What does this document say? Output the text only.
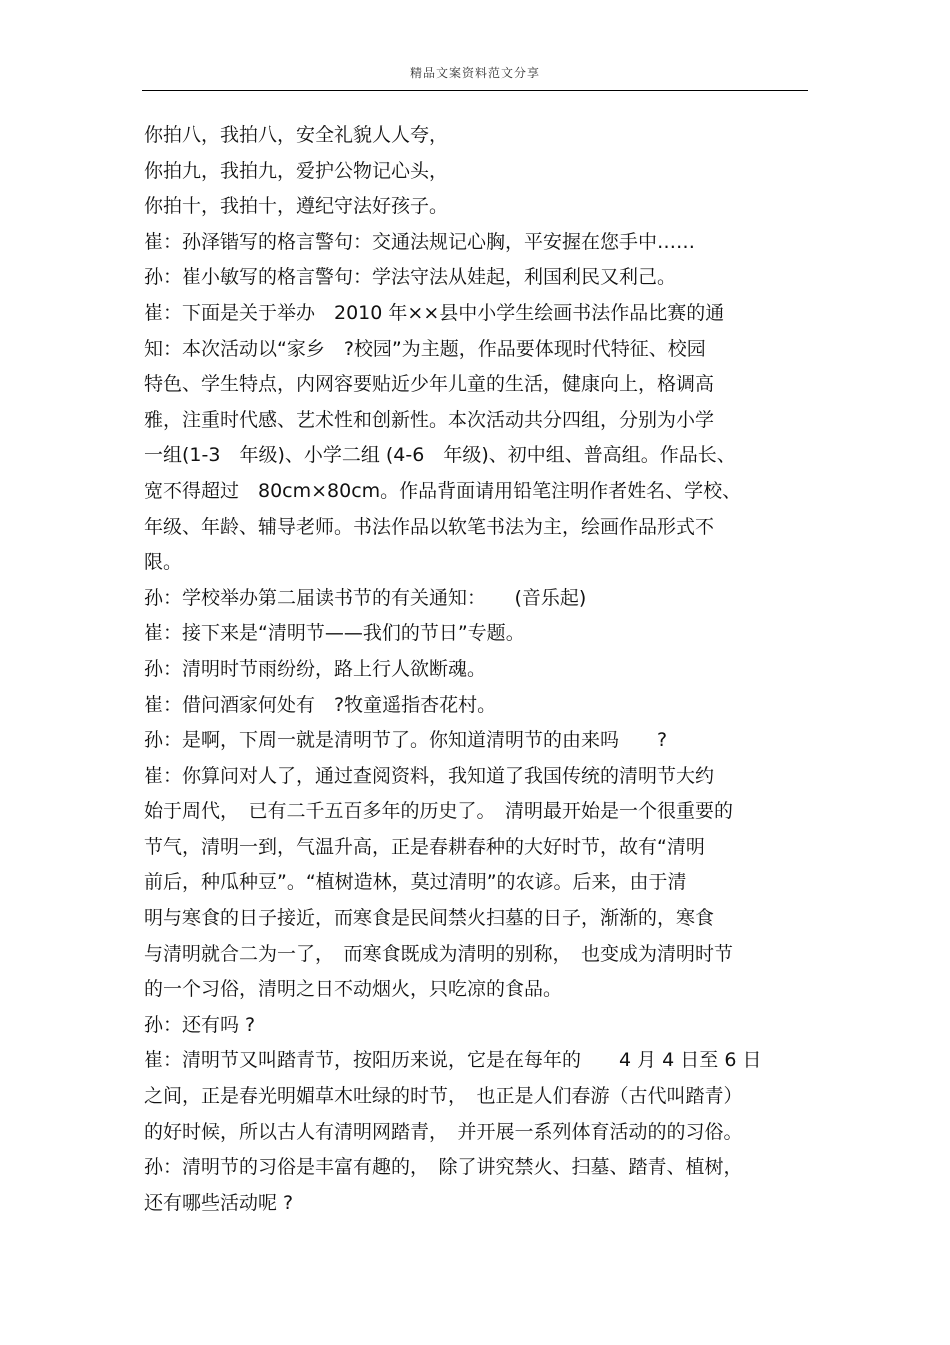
精品文案资料范文分享
你拍八，我拍八，安全礼貌人人夸，
你拍九，我拍九，爱护公物记心头，
你拍十，我拍十，遵纪守法好孩子。
崔：孙泽锴写的格言警句：交通法规记心胸，平安握在您手中……
孙：崔小敏写的格言警句：学法守法从娃起，利国利民又利己。
崔：下面是关于举办　2010 年××县中小学生绘画书法作品比赛的通
知：本次活动以“家乡　?校园”为主题，作品要体现时代特征、校园
特色、学生特点，内网容要贴近少年儿童的生活，健康向上，格调高
雅，注重时代感、艺术性和创新性。本次活动共分四组，分别为小学
一组(1-3　年级)、小学二组 (4-6　年级)、初中组、普高组。作品长、
宽不得超过　80cm×80cm。作品背面请用铅笔注明作者姓名、学校、
年级、年龄、辅导老师。书法作品以软笔书法为主，绘画作品形式不
限。
孙：学校举办第二届读书节的有关通知：　　(音乐起)
崔：接下来是“清明节——我们的节日”专题。
孙：清明时节雨纷纷，路上行人欲断魂。
崔：借问酒家何处有　?牧童遥指杏花村。
孙：是啊，下周一就是清明节了。你知道清明节的由来吗　　?
崔：你算问对人了，通过查阅资料，我知道了我国传统的清明节大约
始于周代，　已有二千五百多年的历史了。　清明最开始是一个很重要的
节气，清明一到，气温升高，正是春耕春种的大好时节，故有“清明
前后，种瓜种豆”。“植树造林，莫过清明”的农谚。后来，由于清
明与寒食的日子接近，而寒食是民间禁火扫墓的日子，渐渐的，寒食
与清明就合二为一了，　而寒食既成为清明的别称，　也变成为清明时节
的一个习俗，清明之日不动烟火，只吃凉的食品。
孙：还有吗 ?
崔：清明节又叫踏青节，按阳历来说，它是在每年的　　4 月 4 日至 6 日
之间，正是春光明媚草木吐绿的时节，　也正是人们春游（古代叫踏青）
的好时候，所以古人有清明网踏青，　并开展一系列体育活动的的习俗。
孙：清明节的习俗是丰富有趣的，　除了讲究禁火、扫墓、踏青、植树，
还有哪些活动呢 ?
